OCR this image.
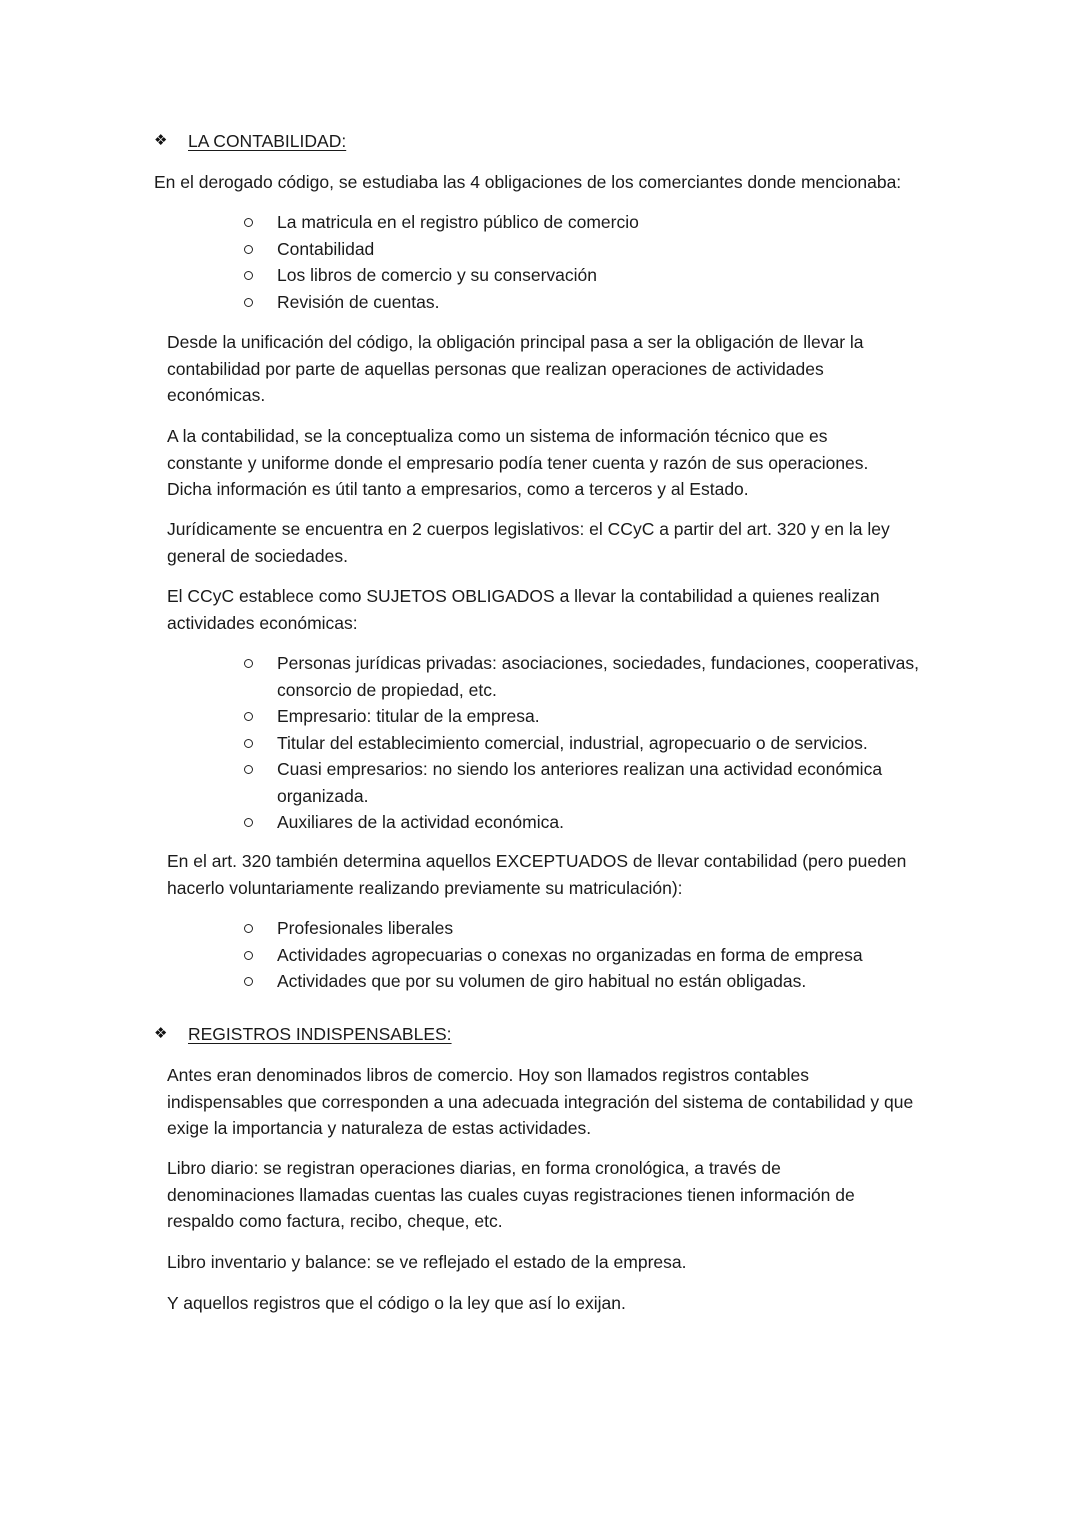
❖	LA CONTABILIDAD:

En el derogado código, se estudiaba las 4 obligaciones de los comerciantes donde mencionaba:

La matricula en el registro público de comercio
Contabilidad
Los libros de comercio y su conservación
Revisión de cuentas.

Desde la unificación del código, la obligación principal pasa a ser la obligación de llevar la contabilidad por parte de aquellas personas que realizan operaciones de actividades económicas.

A la contabilidad, se la conceptualiza como un sistema de información técnico que es constante y uniforme donde el empresario podía tener cuenta y razón de sus operaciones. Dicha información es útil tanto a empresarios, como a terceros y al Estado.

Jurídicamente se encuentra en 2 cuerpos legislativos: el CCyC a partir del art. 320 y en la ley general de sociedades.

El CCyC establece como SUJETOS OBLIGADOS a llevar la contabilidad a quienes realizan actividades económicas:

Personas jurídicas privadas: asociaciones, sociedades, fundaciones, cooperativas, consorcio de propiedad, etc.
Empresario: titular de la empresa.
Titular del establecimiento comercial, industrial, agropecuario o de servicios.
Cuasi empresarios: no siendo los anteriores realizan una actividad económica organizada.
Auxiliares de la actividad económica.

En el art. 320 también determina aquellos EXCEPTUADOS de llevar contabilidad (pero pueden hacerlo voluntariamente realizando previamente su matriculación):

Profesionales liberales
Actividades agropecuarias o conexas no organizadas en forma de empresa
Actividades que por su volumen de giro habitual no están obligadas.
❖	REGISTROS INDISPENSABLES:

Antes eran denominados libros de comercio. Hoy son llamados registros contables indispensables que corresponden a una adecuada integración del sistema de contabilidad y que exige la importancia y naturaleza de estas actividades.

Libro diario: se registran operaciones diarias, en forma cronológica, a través de denominaciones llamadas cuentas las cuales cuyas registraciones tienen información de respaldo como factura, recibo, cheque, etc.

Libro inventario y balance: se ve reflejado el estado de la empresa.

Y aquellos registros que el código o la ley que así lo exijan.
